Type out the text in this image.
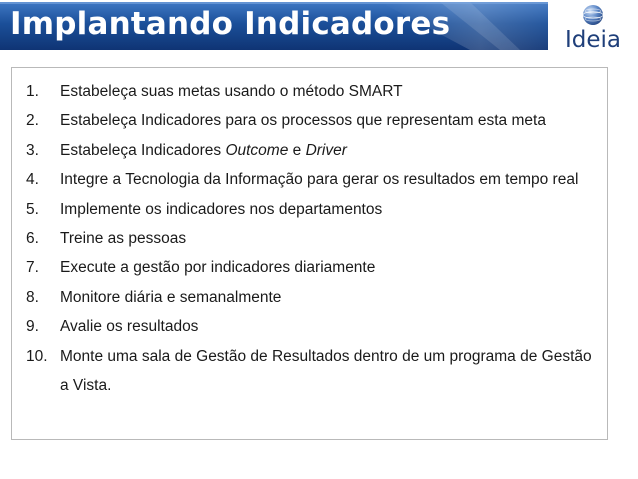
Implantando Indicadores	Ideia
1. Estabeleça suas metas usando o método SMART
2. Estabeleça Indicadores para os processos que representam esta meta
3. Estabeleça Indicadores Outcome e Driver
4. Integre a Tecnologia da Informação para gerar os resultados em tempo real
5. Implemente os indicadores nos departamentos
6. Treine as pessoas
7. Execute a gestão por indicadores diariamente
8. Monitore diária e semanalmente
9. Avalie os resultados
10. Monte uma sala de Gestão de Resultados dentro de um programa de Gestão a Vista.
